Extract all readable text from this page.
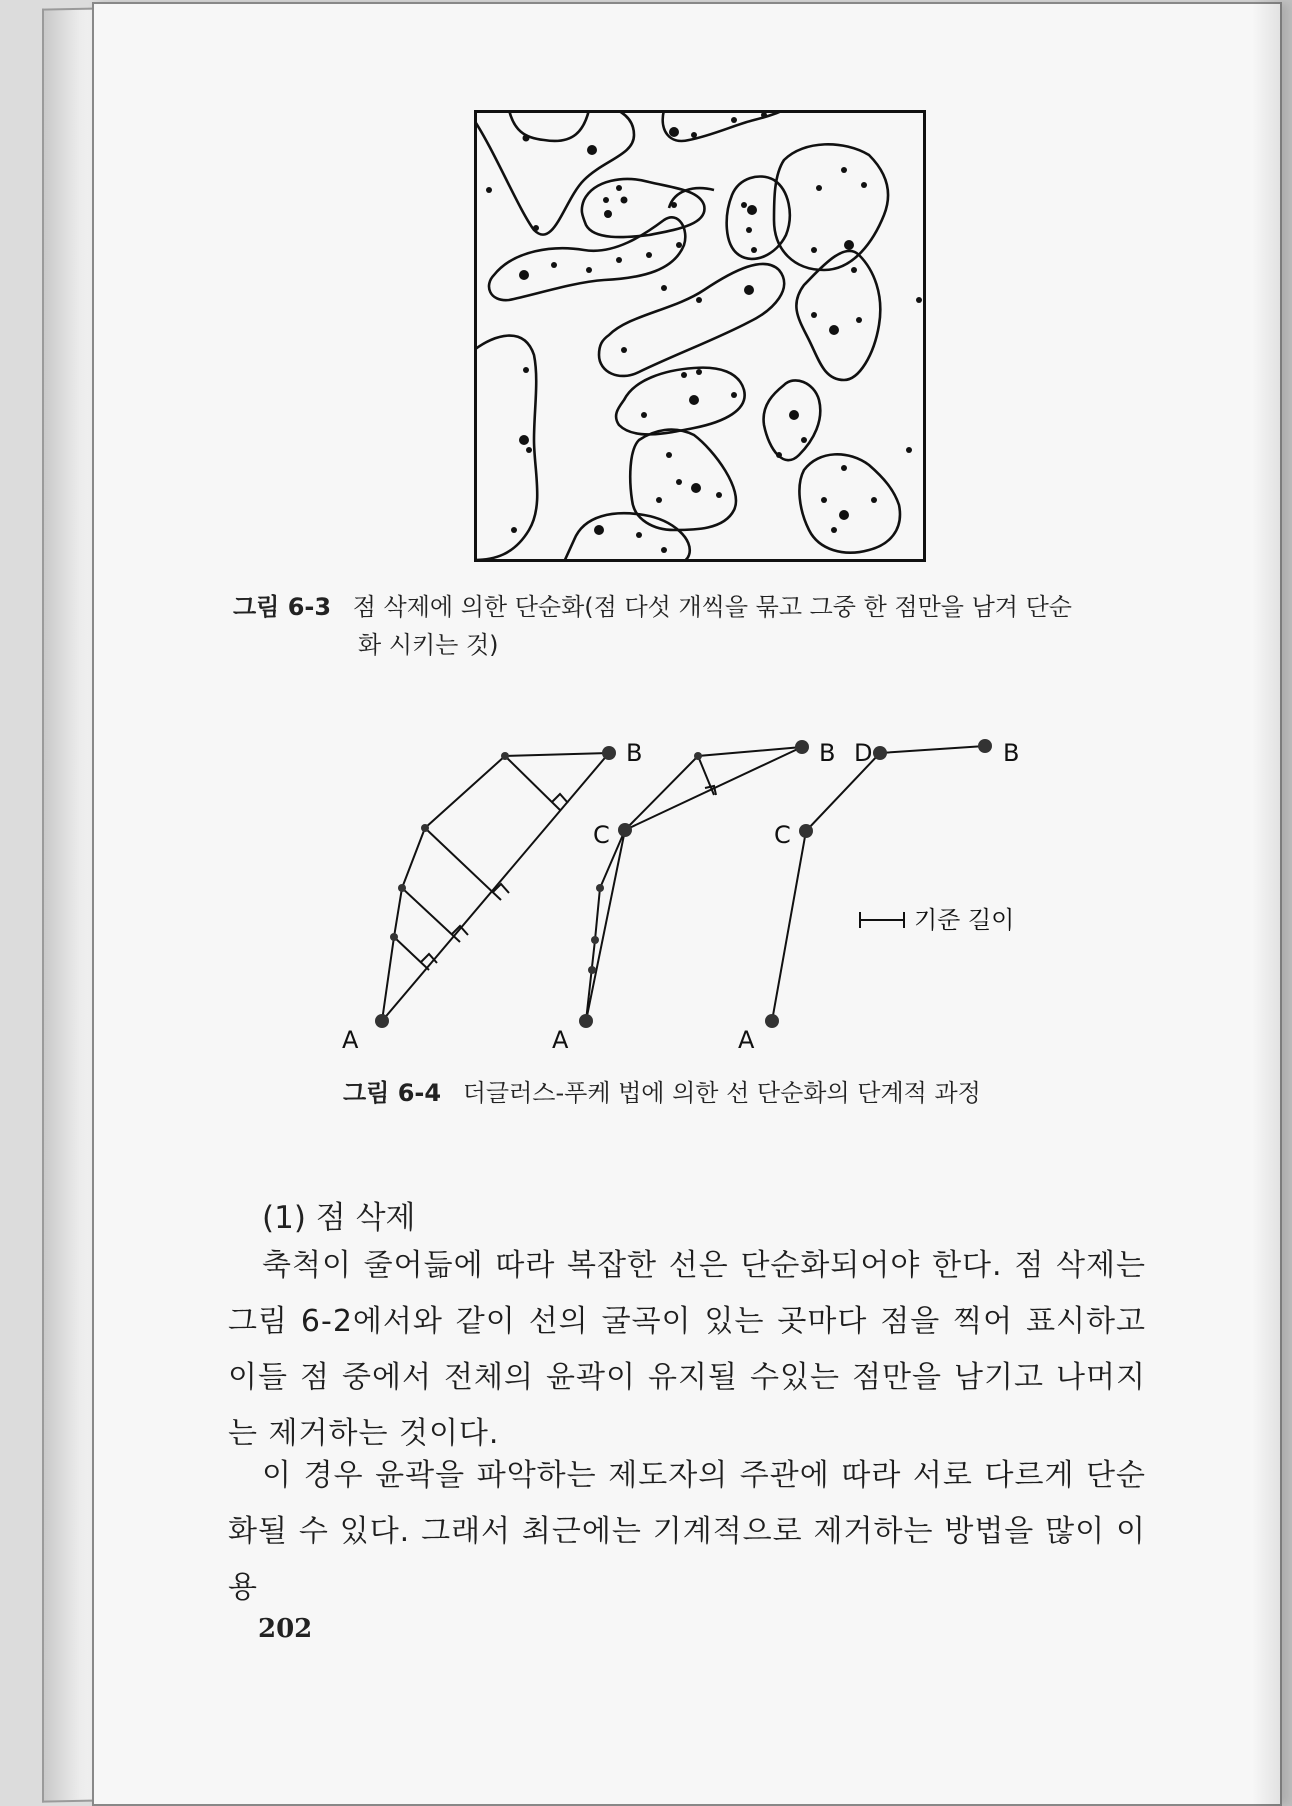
그림 6-3 점 삭제에 의한 단순화(점 다섯 개씩을 묶고 그중 한 점만을 남겨 단순
화 시키는 것)
A
B
A
B
C
A
D	B
C
기준 길이
그림 6-4 더글러스-푸케 법에 의한 선 단순화의 단계적 과정
(1) 점 삭제
축척이 줄어듦에 따라 복잡한 선은 단순화되어야 한다. 점 삭제는 그림 6-2에서와 같이 선의 굴곡이 있는 곳마다 점을 찍어 표시하고 이들 점 중에서 전체의 윤곽이 유지될 수있는 점만을 남기고 나머지는 제거하는 것이다.
이 경우 윤곽을 파악하는 제도자의 주관에 따라 서로 다르게 단순화될 수 있다. 그래서 최근에는 기계적으로 제거하는 방법을 많이 이용
202
